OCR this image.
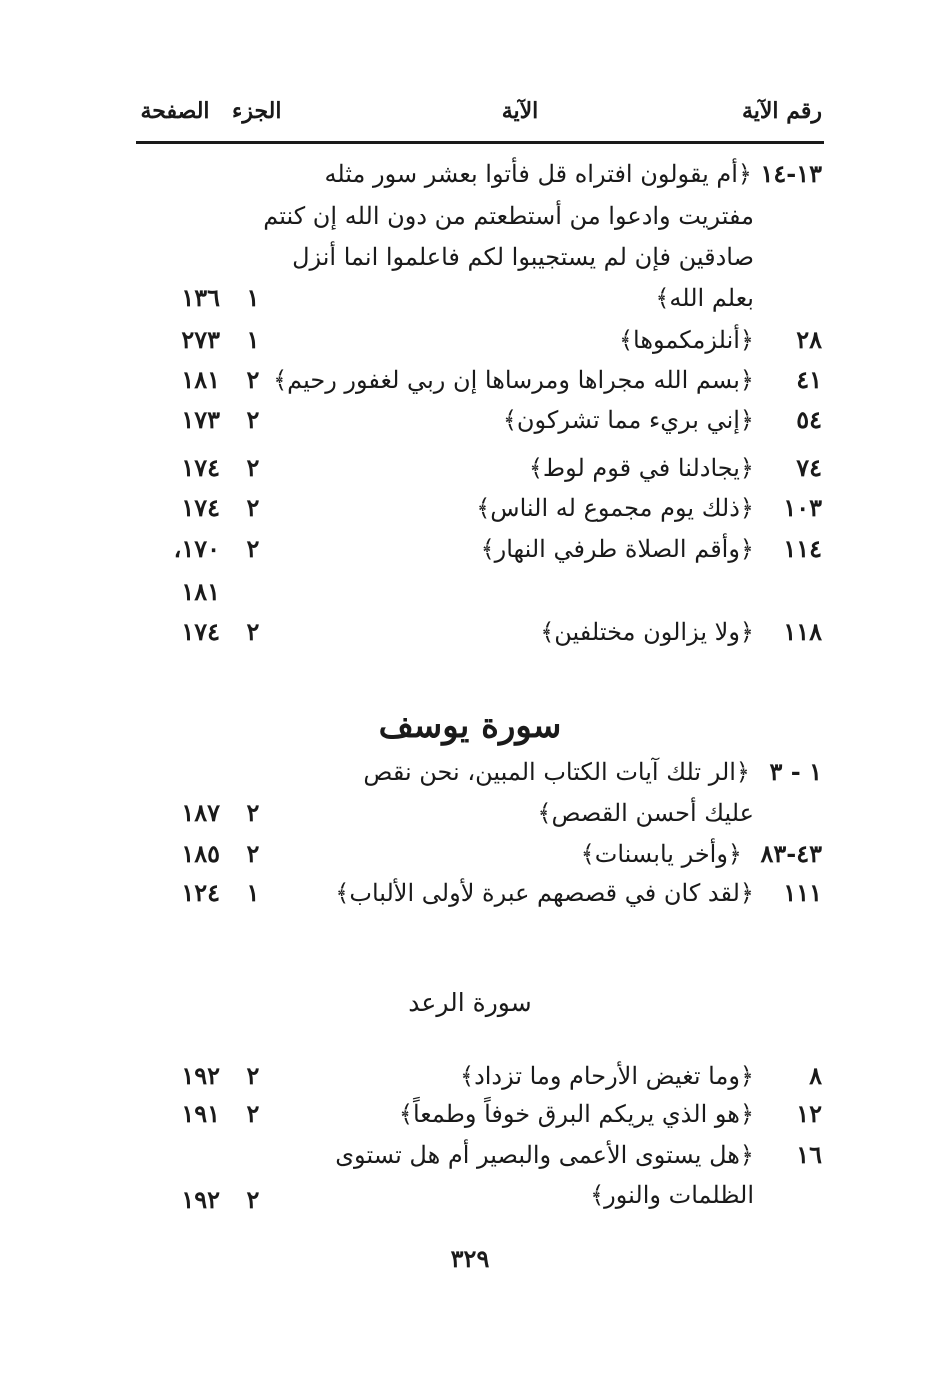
رقم الآية
الآية
الجزء
الصفحة
١٣-١٤
﴿أم يقولون افتراه قل فأتوا بعشر سور مثله
مفتريت وادعوا من أستطعتم من دون الله إن كنتم
صادقين فإن لم يستجيبوا لكم فاعلموا انما أنزل
بعلم الله﴾
١
١٣٦
٢٨
﴿أنلزمكموها﴾
١
٢٧٣
٤١
﴿بسم الله مجراها ومرساها إن ربي لغفور رحيم﴾
٢
١٨١
٥٤
﴿إني بريء مما تشركون﴾
٢
١٧٣
٧٤
﴿يجادلنا في قوم لوط﴾
٢
١٧٤
١٠٣
﴿ذلك يوم مجموع له الناس﴾
٢
١٧٤
١١٤
﴿وأقم الصلاة طرفي النهار﴾
٢
١٧٠،
١٨١
١١٨
﴿ولا يزالون مختلفين﴾
٢
١٧٤
سورة يوسف
١ - ٣
﴿الر تلك آيات الكتاب المبين، نحن نقص
عليك أحسن القصص﴾
٢
١٨٧
٤٣-٨٣
﴿وأخر يابسنات﴾
٢
١٨٥
١١١
﴿لقد كان في قصصهم عبرة لأولى الألباب﴾
١
١٢٤
سورة الرعد
٨
﴿وما تغيض الأرحام وما تزداد﴾
٢
١٩٢
١٢
﴿هو الذي يريكم البرق خوفاً وطمعاً﴾
٢
١٩١
١٦
﴿هل يستوى الأعمى والبصير أم هل تستوى
الظلمات والنور﴾
٢
١٩٢
٣٢٩
